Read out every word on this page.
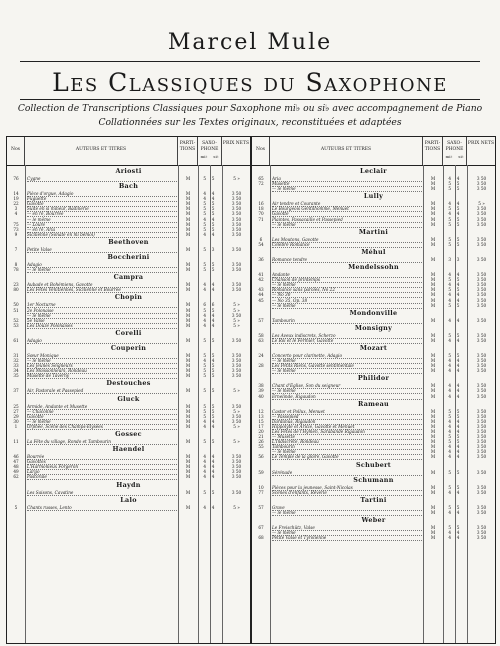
Marcel Mule
Les Classiques du Saxophone
Collection de Transcriptions Classiques pour Saxophone mi♭ ou si♭ avec accompagnement de Piano
Collationnées sur les Textes originaux, reconstituées et adaptées
Nos	AUTEURS ET TITRES
PARTI-TIONS
SAXO-PHONE
mi♭	si♭
PRIX NETS
Ariosti
76	Cygne	M	5 5	5 »
Bach
14	Pièce d'orgue, Adagio	M	4 4	3 50
19	Fuguette	M	4 4	3 50
22	Gavotte	M	5 5	3 50
3	Suite en si mineur, Badinerie	M	5 5	3 50
4	— en ré, Bourrée	M	5 5	3 50
— le même	M	4 4	3 50
75	— Loure	M	5 5	3 50
73	— en ré, Aria	M	5 5	3 50
9	Sicilienne (Sonate en mi bémol)	M	4 4	3 50
Beethoven
7	Petite Valse	M	5 3	3 50
Boccherini
8	Adagio	M	5 5	3 50
78	— le même	M	5 5	3 50
Campra
23	Aubade et Bohémiens, Gavotte	M	4 4	3 50
80	Les Fêtes Vénitiennes, Sicilienne et Bourrée	M	4 4	3 50
Chopin
50	1er Nocturne	M	6 6	5 »
51	2e Polonaise	M	5 5	5 »
— le même	M	4 4	3 50
52	5e Valse	M	4 4	5 »
53	Les Douze Polonaises	M	4 4	5 »
Corelli
61	Adagio	M	5 5	3 50
Couperin
31	Sœur Monique	M	5 5	3 50
32	— le même	M	4 4	3 50
33	Les Jeunes Seigneurs	M	5 5	3 50
34	Les Moissonneurs, Rondeau	M	5 5	3 50
35	Musette de Taverny	M	5 5	3 50
Destouches
37	Air, Pastorale et Passepied	M	5 5	5 »
Gluck
25	Armide, Andante et Musette	M	5 5	3 50
27	— Chaconne	M	5 5	5 »
29	Gavotte	M	5 5	3 50
30	— le même	M	4 4	3 50
1	Orphée, Scène des Champs-Élysées	M	4 4	5 »
Gossec
11	La Fête du village, Rondo et Tambourin	M	5 5	5 »
Haendel
46	Bourrée	M	4 4	3 50
47	Gavottes	M	4 4	3 50
48	L'Harmonieux Forgeron	M	4 4	3 50
49	Largo	M	4 4	3 50
62	Pastorale	M	4 4	3 50
Haydn
Les Saisons, Cavatine	M	5 5	3 50
Lalo
5	Chants russes, Lento	M	4 4	5 »
Nos	AUTEURS ET TITRES
PARTI-TIONS
SAXO-PHONE
mi♭	si♭
PRIX NETS
Leclair
65	Aria	M	4 4	3 50
72	Musette	M	5 5	3 50
— le même	M	5 5	3 50
Lully
16	Air tendre et Courante	M	4 4	5 »
18	Le Bourgeois Gentilhomme, Menuet	M	5 5	3 50
70	Gavotte	M	4 4	3 50
71	Plaintes, Passacaille et Passepied	M	5 5	3 50
— le même	M	5 5	3 50
Martini
6	Les Moutons, Gavotte	M	5 5	3 50
54	Célèbre Romance	M	5 5	3 50
Méhul
36	Romance tendre	M	3 3	3 50
Mendelssohn
41	Andante	M	4 4	3 50
42	Chanson de printemps	M	5 5	3 50
— le même	M	4 4	3 50
43	Romance sans paroles, No 22	M	5 5	3 50
44	— No 30	M	4 4	3 50
45	— No 35, Op. 38	M	4 4	3 50
— le même	M	5 5	3 50
Mondonville
57	Tambourin	M	4 4	3 50
Monsigny
58	Les Aveux indiscrets, Scherzo	M	5 5	3 50
63	Le Roi et le Fermier, Gavotte	M	4 4	3 50
Mozart
24	Concerto pour clarinette, Adagio	M	5 5	3 50
— le même	M	4 4	3 50
28	Les Petits Riens, Gavotte sentimentale	M	4 4	3 50
— le même	M	4 4	3 50
Philidor
38	Chant d'Église, Son du seigneur	M	4 4	3 50
39	— le même	M	4 4	3 50
40	Ernelinde, Rigaudon	M	4 4	3 50
Rameau
12	Castor et Pollux, Menuet	M	5 5	3 50
13	— Passepied	M	5 5	3 50
15	Dardanus, Rigaudon	M	4 4	3 50
17	Hippolyte et Aricie, Gavotte et Menuet	M	4 4	3 50
20	Les Fêtes de l'Hymen, Sarabande Rigaudon	M	4 4	3 50
21	— Musette	M	5 5	3 50
26	L'Indiscrète, Rondeau	M	5 5	3 50
55	Tambourin	M	4 4	3 50
— le même	M	4 4	3 50
56	Le Temple de la gloire, Gavotte	M	4 4	3 50
Schubert
59	Sérénade	M	5 5	3 50
Schumann
10	Pièces pour la jeunesse, Saint-Nicolas	M	5 5	3 50
77	Scènes d'enfants, Rêverie	M	4 4	3 50
Tartini
57	Grave	M	5 5	3 50
— le même	M	4 4	3 50
Weber
67	Le Freischütz, Valse	M	5 5	3 50
— le même	M	4 4	3 50
68	Petite Valse et Tyrolienne	M	4 4	3 50
